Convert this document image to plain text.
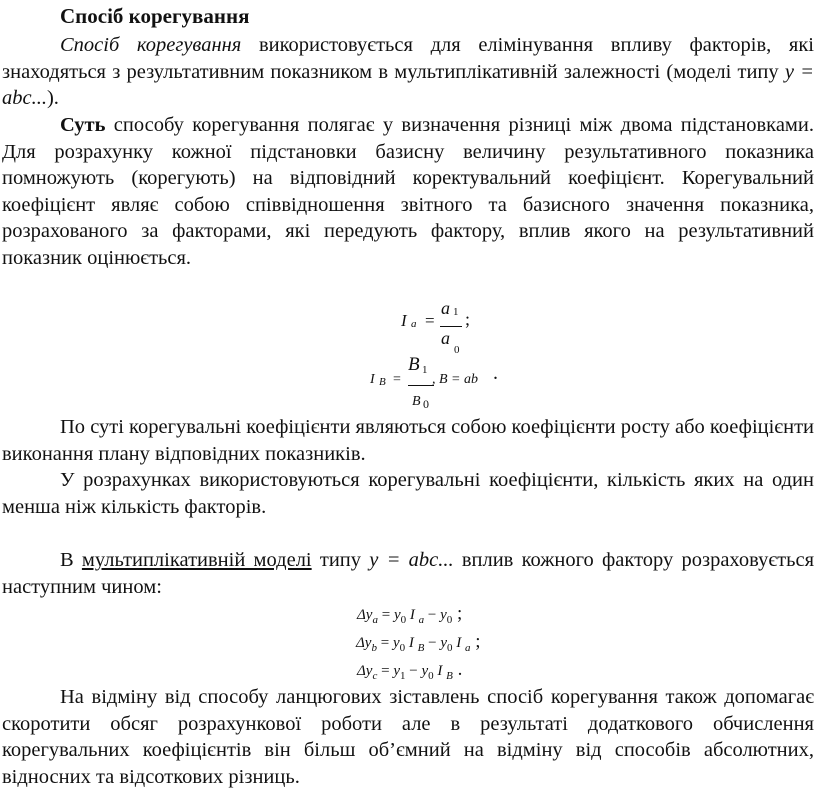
Спосіб корегування

Спосіб корегування використовується для елімінування впливу факторів, які знаходяться з результативним показником в мультиплікативній залежності (моделі типу y = abc...).

Суть способу корегування полягає у визначення різниці між двома підстановками. Для розрахунку кожної підстановки базисну величину результативного показника помножують (корегують) на відповідний коректувальний коефіцієнт. Корегувальний коефіцієнт являє собою співвідношення звітного та базисного значення показника, розрахованого за факторами, які передують фактору, вплив якого на результативний показник оцінюється.

I a =
a 1
a
0
;
I B =
B 1
B 0
, B = ab .

По суті корегувальні коефіцієнти являються собою коефіцієнти росту або коефіцієнти виконання плану відповідних показників.

У розрахунках використовуються корегувальні коефіцієнти, кількість яких на один менша ніж кількість факторів.

В мультиплікативній моделі типу y = abc... вплив кожного фактору розраховується наступним чином:

$\Delta y_a = y_0$ I $_a - y_0$ ;
$\Delta y_b = y_0$ I $_B - y_0$ I $_a$ ;
$\Delta y_c = y_1 - y_0$ I $_B$ .

На відміну від способу ланцюгових зіставлень спосіб корегування також допомагає скоротити обсяг розрахункової роботи але в результаті додаткового обчислення корегувальних коефіцієнтів він більш об’ємний на відміну від способів абсолютних, відносних та відсоткових різниць.
